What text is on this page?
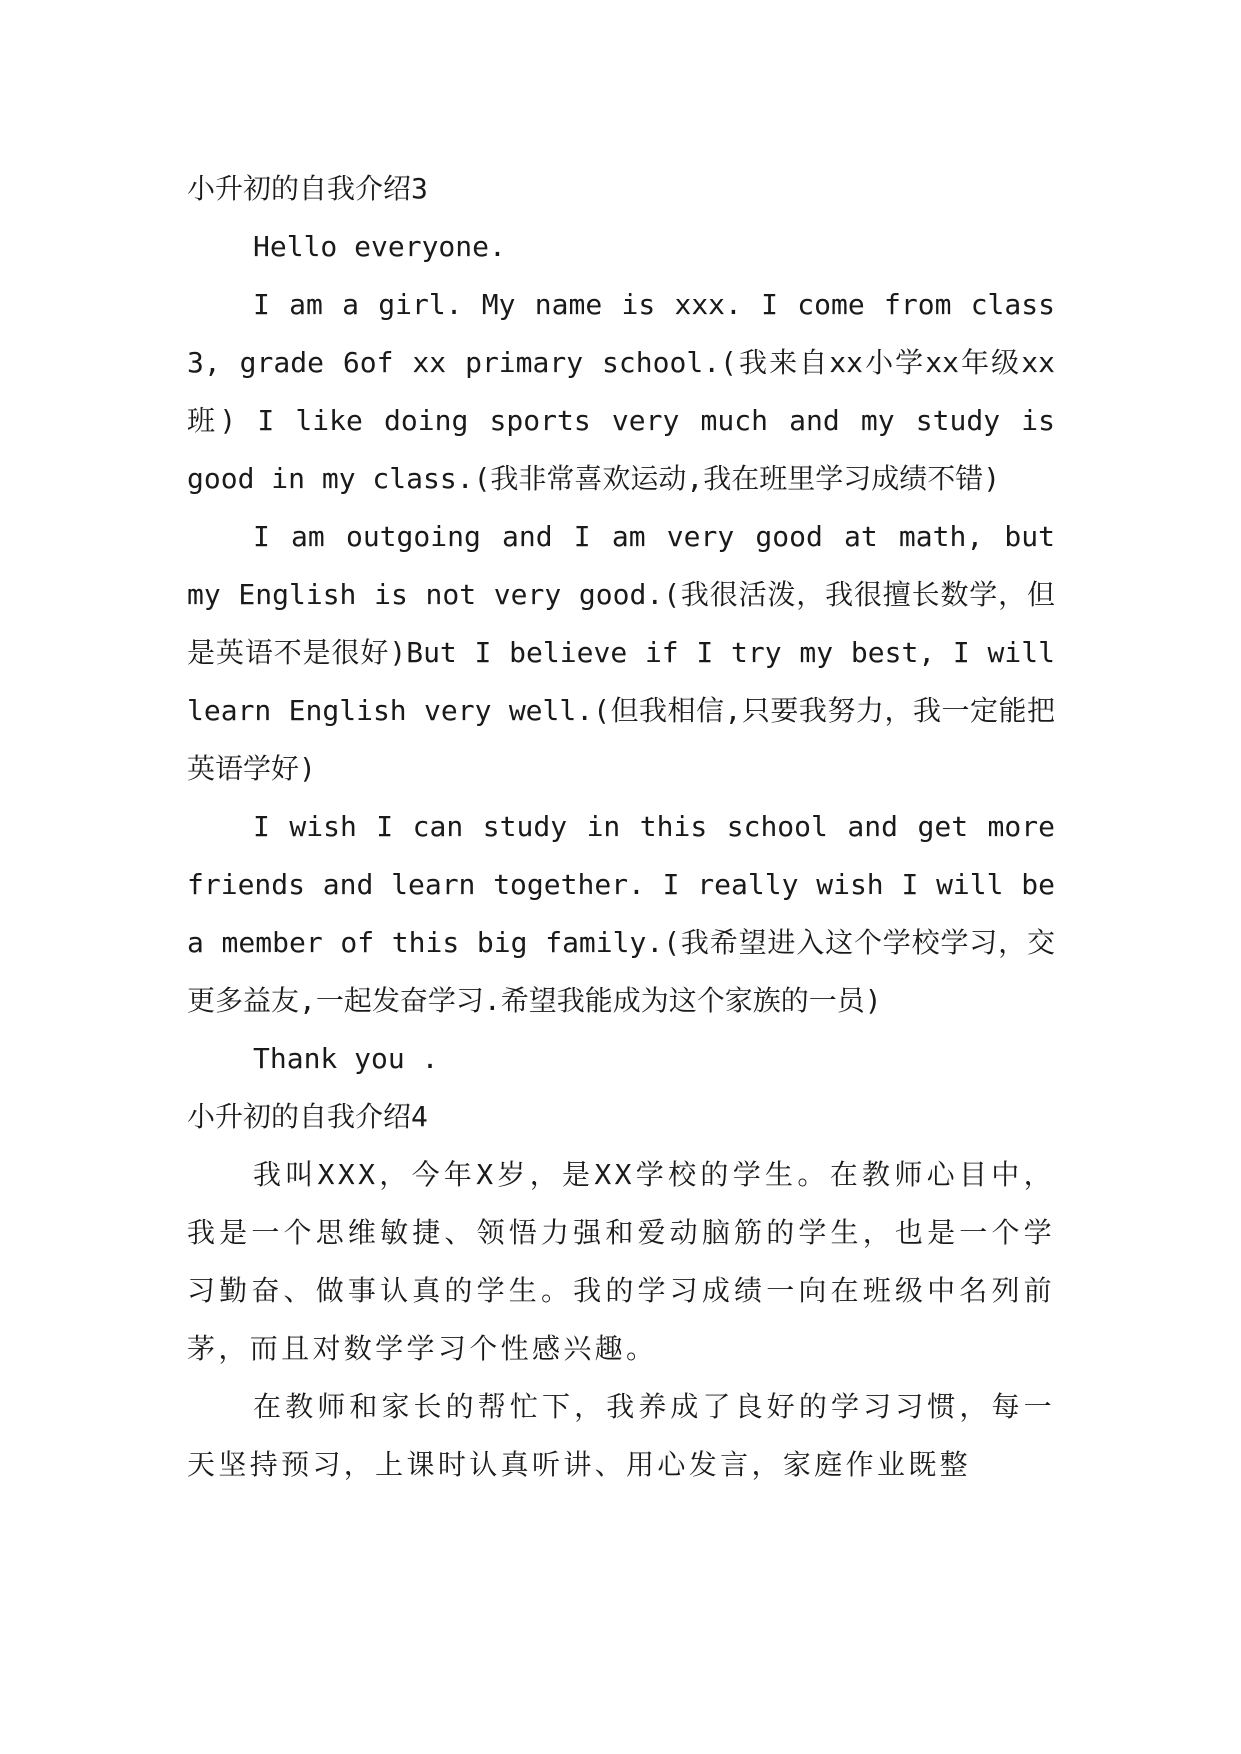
小升初的自我介绍3

Hello everyone.

I am a girl. My name is xxx. I come from class 3, grade 6of xx primary school.(我来自xx小学xx年级xx班) I like doing sports very much and my study is good in my class.(我非常喜欢运动,我在班里学习成绩不错)

I am outgoing and I am very good at math, but my English is not very good.(我很活泼，我很擅长数学，但是英语不是很好)But I believe if I try my best, I will learn English very well.(但我相信,只要我努力，我一定能把英语学好)

I wish I can study in this school and get more friends and learn together. I really wish I will be a member of this big family.(我希望进入这个学校学习，交更多益友,一起发奋学习.希望我能成为这个家族的一员)

Thank you .

小升初的自我介绍4

我叫XXX，今年X岁，是XX学校的学生。在教师心目中，我是一个思维敏捷、领悟力强和爱动脑筋的学生，也是一个学习勤奋、做事认真的学生。我的学习成绩一向在班级中名列前茅，而且对数学学习个性感兴趣。

在教师和家长的帮忙下，我养成了良好的学习习惯，每一天坚持预习，上课时认真听讲、用心发言，家庭作业既整
